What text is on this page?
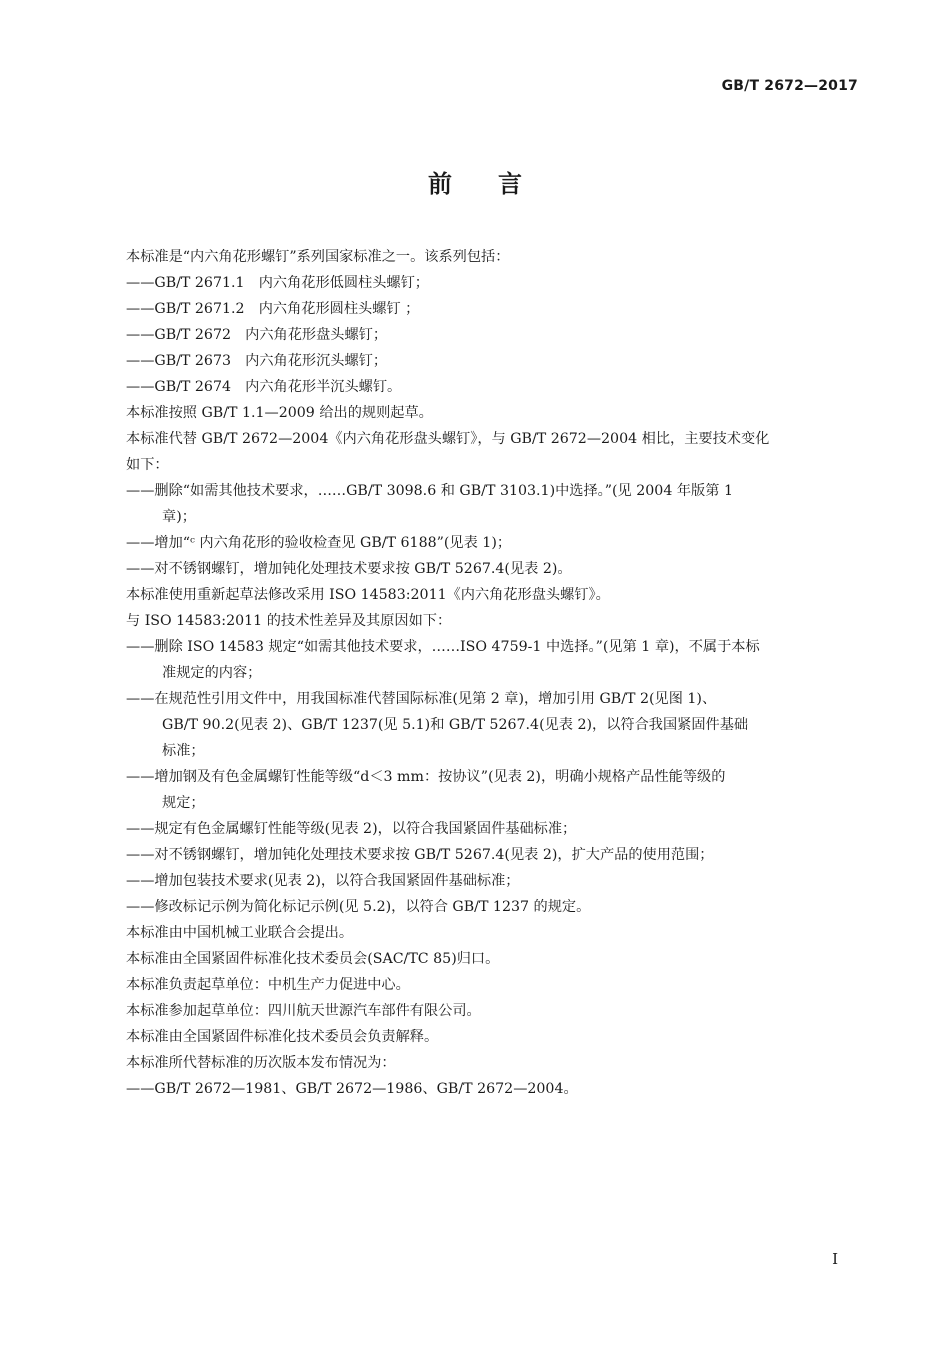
GB/T 2672—2017
前言
本标准是“内六角花形螺钉”系列国家标准之一。该系列包括：
——GB/T 2671.1　内六角花形低圆柱头螺钉；
——GB/T 2671.2　内六角花形圆柱头螺钉 ；
——GB/T 2672　内六角花形盘头螺钉；
——GB/T 2673　内六角花形沉头螺钉；
——GB/T 2674　内六角花形半沉头螺钉。
本标准按照 GB/T 1.1—2009 给出的规则起草。
本标准代替 GB/T 2672—2004《内六角花形盘头螺钉》，与 GB/T 2672—2004 相比，主要技术变化
如下：
——删除“如需其他技术要求，……GB/T 3098.6 和 GB/T 3103.1)中选择。”(见 2004 年版第 1
章)；
——增加“ᶜ 内六角花形的验收检查见 GB/T 6188”(见表 1)；
——对不锈钢螺钉，增加钝化处理技术要求按 GB/T 5267.4(见表 2)。
本标准使用重新起草法修改采用 ISO 14583:2011《内六角花形盘头螺钉》。
与 ISO 14583:2011 的技术性差异及其原因如下：
——删除 ISO 14583 规定“如需其他技术要求，……ISO 4759-1 中选择。”(见第 1 章)，不属于本标
准规定的内容；
——在规范性引用文件中，用我国标准代替国际标准(见第 2 章)，增加引用 GB/T 2(见图 1)、
GB/T 90.2(见表 2)、GB/T 1237(见 5.1)和 GB/T 5267.4(见表 2)，以符合我国紧固件基础
标准；
——增加钢及有色金属螺钉性能等级“d＜3 mm：按协议”(见表 2)，明确小规格产品性能等级的
规定；
——规定有色金属螺钉性能等级(见表 2)，以符合我国紧固件基础标准；
——对不锈钢螺钉，增加钝化处理技术要求按 GB/T 5267.4(见表 2)，扩大产品的使用范围；
——增加包装技术要求(见表 2)，以符合我国紧固件基础标准；
——修改标记示例为简化标记示例(见 5.2)，以符合 GB/T 1237 的规定。
本标准由中国机械工业联合会提出。
本标准由全国紧固件标准化技术委员会(SAC/TC 85)归口。
本标准负责起草单位：中机生产力促进中心。
本标准参加起草单位：四川航天世源汽车部件有限公司。
本标准由全国紧固件标准化技术委员会负责解释。
本标准所代替标准的历次版本发布情况为：
——GB/T 2672—1981、GB/T 2672—1986、GB/T 2672—2004。
I
